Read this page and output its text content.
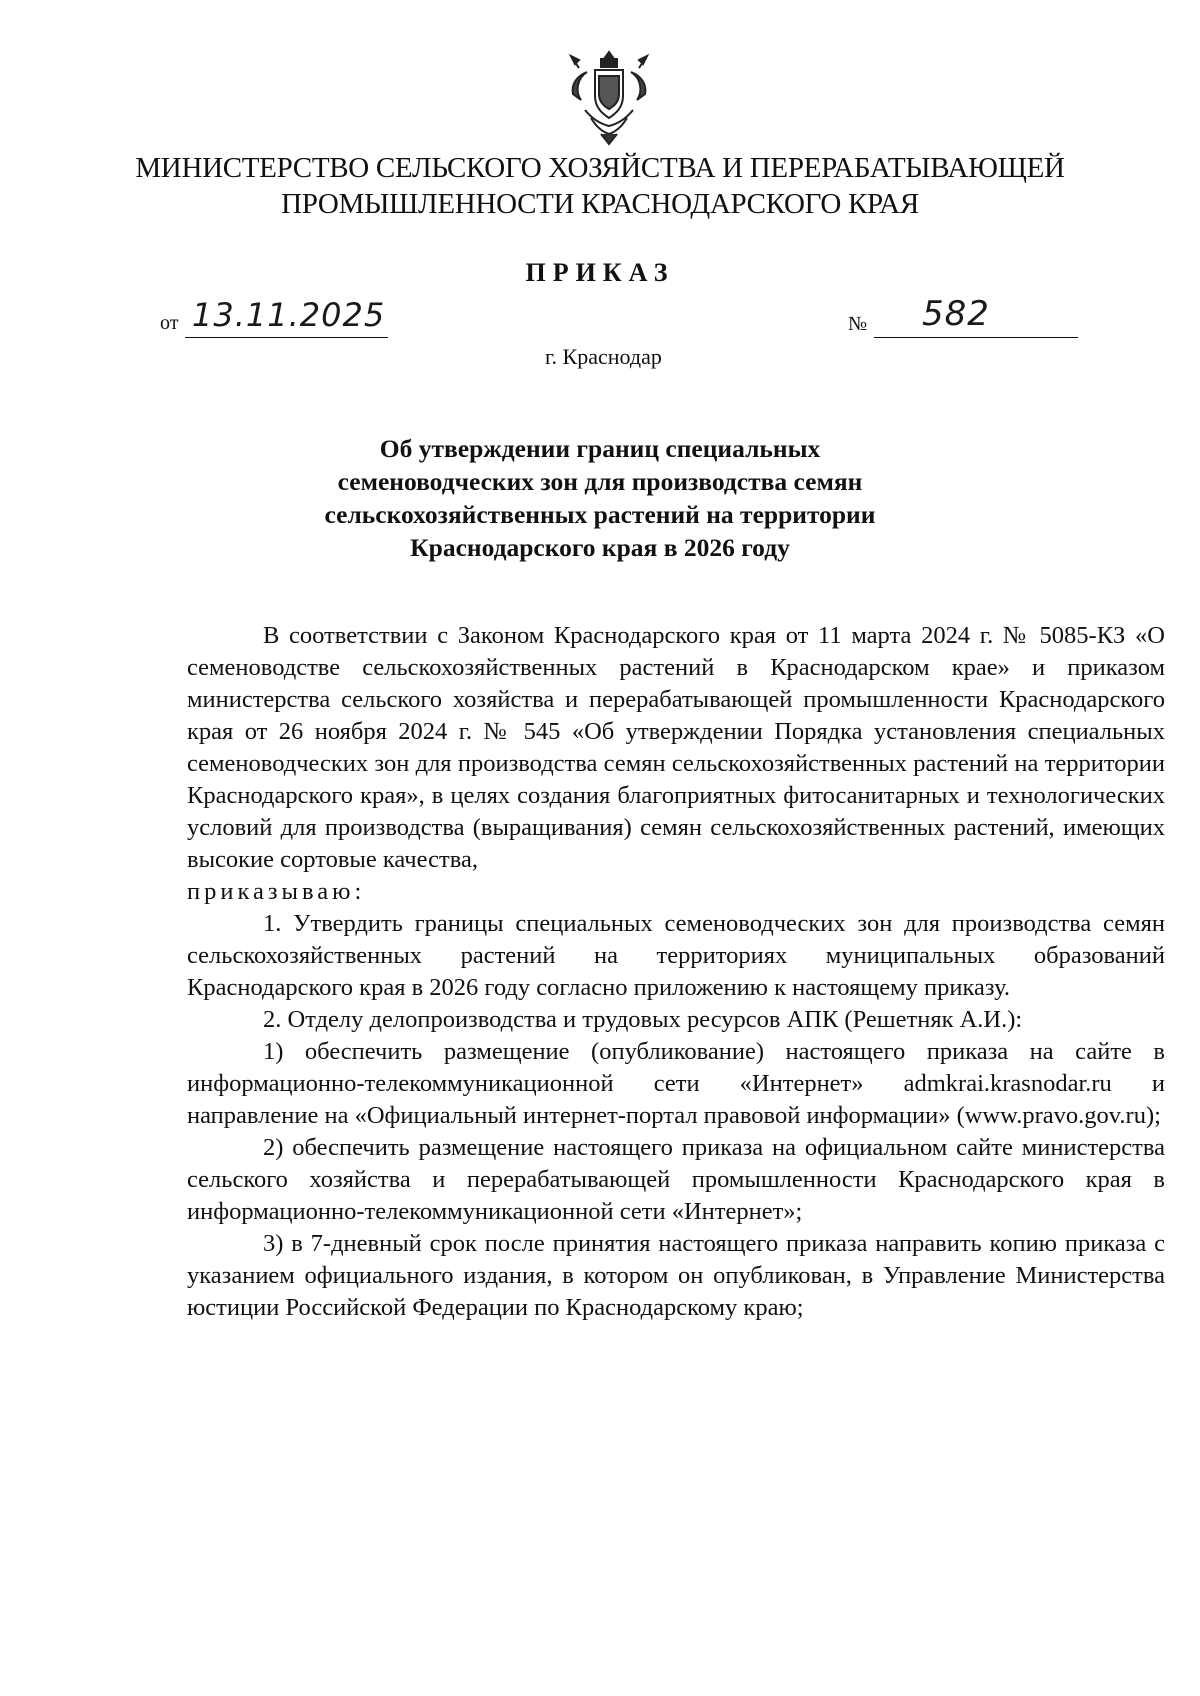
МИНИСТЕРСТВО СЕЛЬСКОГО ХОЗЯЙСТВА И ПЕРЕРАБАТЫВАЮЩЕЙ
ПРОМЫШЛЕННОСТИ КРАСНОДАРСКОГО КРАЯ
ПРИКАЗ
от 13.11.2025	№ 582
г. Краснодар
Об утверждении границ специальных
семеноводческих зон для производства семян
сельскохозяйственных растений на территории
Краснодарского края в 2026 году

В соответствии с Законом Краснодарского края от 11 марта 2024 г. № 5085-КЗ «О семеноводстве сельскохозяйственных растений в Краснодарском крае» и приказом министерства сельского хозяйства и перерабатывающей промышленности Краснодарского края от 26 ноября 2024 г. № 545 «Об утверждении Порядка установления специальных семеноводческих зон для производства семян сельскохозяйственных растений на территории Краснодарского края», в целях создания благоприятных фитосанитарных и технологических условий для производства (выращивания) семян сельскохозяйственных растений, имеющих высокие сортовые качества,

приказываю:

1. Утвердить границы специальных семеноводческих зон для производства семян сельскохозяйственных растений на территориях муниципальных образований Краснодарского края в 2026 году согласно приложению к настоящему приказу.

2. Отделу делопроизводства и трудовых ресурсов АПК (Решетняк А.И.):

1) обеспечить размещение (опубликование) настоящего приказа на сайте в информационно-телекоммуникационной сети «Интернет» admkrai.krasnodar.ru и направление на «Официальный интернет-портал правовой информации» (www.pravo.gov.ru);

2) обеспечить размещение настоящего приказа на официальном сайте министерства сельского хозяйства и перерабатывающей промышленности Краснодарского края в информационно-телекоммуникационной сети «Интернет»;

3) в 7-дневный срок после принятия настоящего приказа направить копию приказа с указанием официального издания, в котором он опубликован, в Управление Министерства юстиции Российской Федерации по Краснодарскому краю;
